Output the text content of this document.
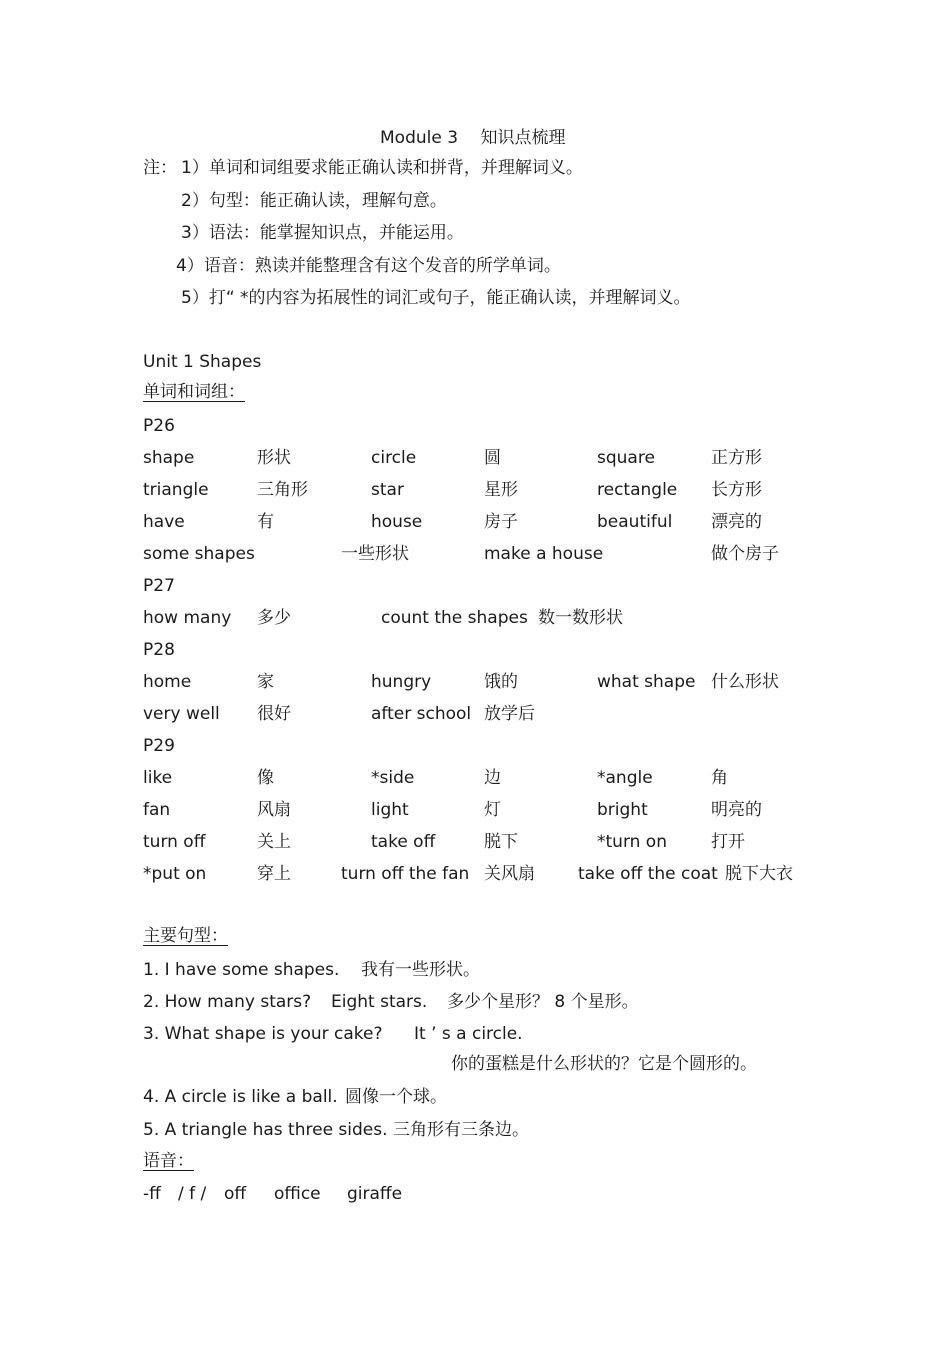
Module 3 　知识点梳理
注： 1）单词和词组要求能正确认读和拼背，并理解词义。
2）句型：能正确认读，理解句意。
3）语法：能掌握知识点，并能运用。
4）语音：熟读并能整理含有这个发音的所学单词。
5）打“ *的内容为拓展性的词汇或句子，能正确认读，并理解词义。
Unit 1 Shapes
单词和词组：
P26
shape	形状	circle	圆	square	正方形
triangle	三角形	star	星形	rectangle 长方形
have	有	house	房子	beautiful 漂亮的
some shapes	一些形状	make a house	做个房子
P27
how many 多少	count the shapes 数一数形状
P28
home	家	hungry	饿的	what shape 什么形状
very well 很好	after school 放学后
P29
like	像	*side	边	*angle	角
fan	风扇	light	灯	bright	明亮的
turn off	关上	take off	脱下	*turn on	打开
*put on	穿上	turn off the fan 关风扇	take off the coat 脱下大衣
主要句型：
1. I have some shapes. 我有一些形状。
2. How many stars? Eight stars. 多少个星形？ 8 个星形。
3. What shape is your cake? It ’ s a circle.
你的蛋糕是什么形状的？它是个圆形的。
4. A circle is like a ball. 圆像一个球。
5. A triangle has three sides. 三角形有三条边。
语音：
-ff / f / off office giraffe
